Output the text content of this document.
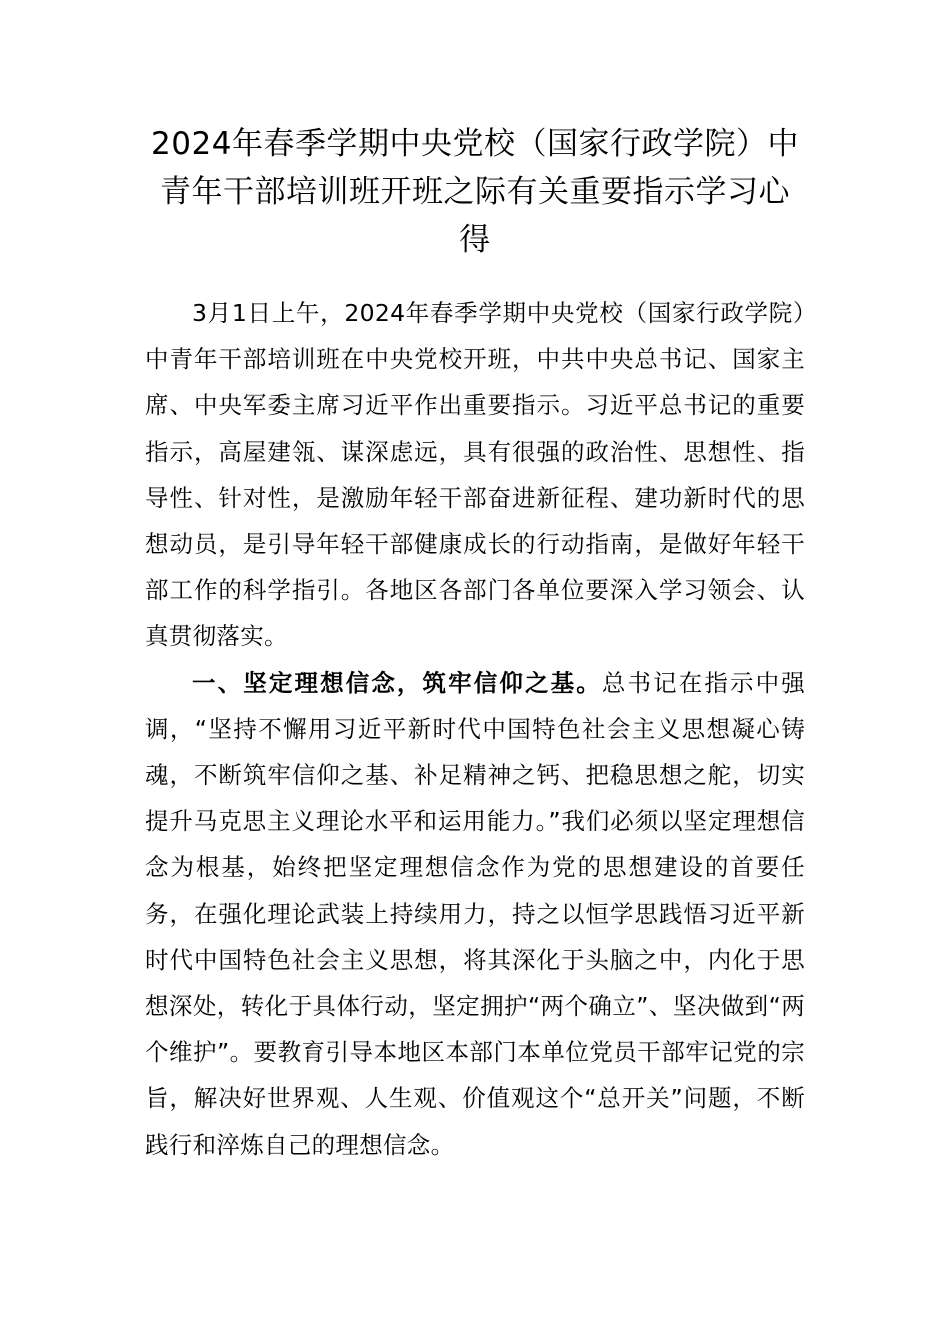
2024年春季学期中央党校（国家行政学院）中青年干部培训班开班之际有关重要指示学习心得

3月1日上午，2024年春季学期中央党校（国家行政学院）中青年干部培训班在中央党校开班，中共中央总书记、国家主席、中央军委主席习近平作出重要指示。习近平总书记的重要指示，高屋建瓴、谋深虑远，具有很强的政治性、思想性、指导性、针对性，是激励年轻干部奋进新征程、建功新时代的思想动员，是引导年轻干部健康成长的行动指南，是做好年轻干部工作的科学指引。各地区各部门各单位要深入学习领会、认真贯彻落实。

一、坚定理想信念，筑牢信仰之基。总书记在指示中强调，“坚持不懈用习近平新时代中国特色社会主义思想凝心铸魂，不断筑牢信仰之基、补足精神之钙、把稳思想之舵，切实提升马克思主义理论水平和运用能力。”我们必须以坚定理想信念为根基，始终把坚定理想信念作为党的思想建设的首要任务，在强化理论武装上持续用力，持之以恒学思践悟习近平新时代中国特色社会主义思想，将其深化于头脑之中，内化于思想深处，转化于具体行动，坚定拥护“两个确立”、坚决做到“两个维护”。要教育引导本地区本部门本单位党员干部牢记党的宗旨，解决好世界观、人生观、价值观这个“总开关”问题，不断践行和淬炼自己的理想信念。
